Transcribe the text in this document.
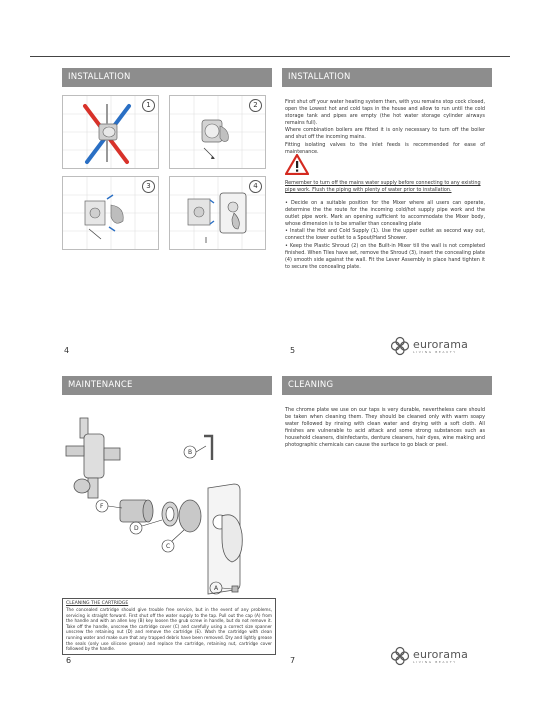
INSTALLATION
1	2
3	4
4
INSTALLATION
First shut off your water heating system then, with you remains stop cock closed, open the Lowest hot and cold taps in the house and allow to run until the cold storage tank and pipes are empty (the hot water storage cylinder airways remains full).
Where combination boilers are fitted it is only necessary to turn off the boiler and shut off the incoming mains.
Fitting isolating valves to the inlet feeds is recommended for ease of maintenance.
Remember to turn off the mains water supply before connecting to any existing pipe work. Flush the piping with plenty of water prior to installation.
• Decide on a suitable position for the Mixer where all users can operate, determine the the route for the incoming cold/hot supply pipe work and the outlet pipe work. Mark an opening sufficient to accommodate the Mixer body, whose dimension is to be smaller than concealing plate
• Install the Hot and Cold Supply (1). Use the upper outlet as second way out, connect the lower outlet to a Spout/Hand Shower.
• Keep the Plastic Shroud (2) on the Built-in Mixer till the wall is not completed finished. When Tiles have set, remove the Shroud (3), insert the concealing plate (4) smooth side against the wall. Fit the Lever Assembly in place hand tighten it to secure the concealing plate.
5	eurorama
LIVING BEAUTY
MAINTENANCE
B
F
D
C
A
CLEANING THE CARTRIDGE
The concealed cartridge should give trouble free service, but in the event of any problems, servicing is straight forward. First shut off the water supply to the tap. Pull out the cap (A) from the handle and with an allen key (B) key loosen the grub screw in handle, but do not remove it. Take off the handle, unscrew the cartridge cover (C) and carefully using a correct size spanner unscrew the retaining nut (D) and remove the cartridge (E). Wash the cartridge with clean running water and make sure that any trapped debris have been removed. Dry and lightly grease the seals (only use silicone grease) and replace the cartridge, retaining nut, cartridge cover followed by the handle.
6
CLEANING
The chrome plate we use on our taps is very durable, nevertheless care should be taken when cleaning them. They should be cleaned only with warm soapy water followed by rinsing with clean water and drying with a soft cloth. All finishes are vulnerable to acid attack and some strong substances such as household cleaners, disinfectants, denture cleaners, hair dyes, wine making and photographic chemicals can cause the surface to go black or peel.
7	eurorama
LIVING BEAUTY
